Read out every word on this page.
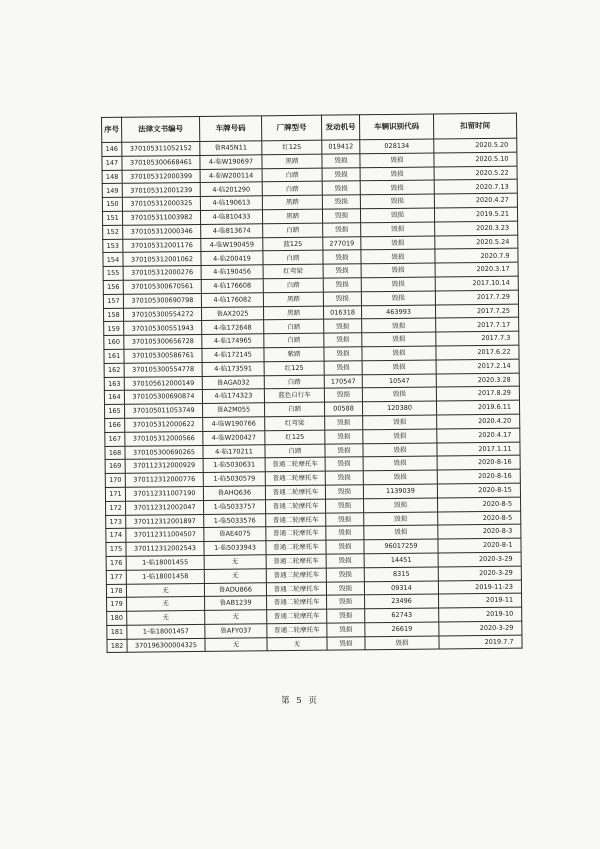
序号	法律文书编号	车牌号码	厂牌型号	发动机号	车辆识别代码	扣留时间
146	370105311052152	鲁R45N11	红125	019412	028134	2020.5.20
147	370105300668461	4-临W190697	黑踏	毁损	毁损	2020.5.10
148	370105312000399	4-临W200114	白踏	毁损	毁损	2020.5.22
149	370105312001239	4-临201290	白踏	毁损	毁损	2020.7.13
150	370105312000325	4-临190613	黑踏	毁损	毁损	2020.4.27
151	370105311003982	4-临810433	黑踏	毁损	毁损	2019.5.21
152	370105312000346	4-临813674	白踏	毁损	毁损	2020.3.23
153	370105312001176	4-临W190459	蓝125	277019	毁损	2020.5.24
154	370105312001062	4-临200419	白踏	毁损	毁损	2020.7.9
155	370105312000276	4-临190456	红弯梁	毁损	毁损	2020.3.17
156	370105300670561	4-临176608	白踏	毁损	毁损	2017.10.14
157	370105300690798	4-临176082	黑踏	毁损	毁损	2017.7.29
158	370105300554272	鲁AX2025	黑踏	016318	463993	2017.7.25
159	370105300551943	4-临172648	白踏	毁损	毁损	2017.7.17
160	370105300656728	4-临174965	白踏	毁损	毁损	2017.7.3
161	370105300586761	4-临172145	紫踏	毁损	毁损	2017.6.22
162	370105300554778	4-临173591	红125	毁损	毁损	2017.2.14
163	370105612000149	鲁AGA032	白踏	170547	10547	2020.3.28
164	370105300690874	4-临174323	蓝色自行车	毁损	毁损	2017.8.29
165	370105011053749	鲁A2M055	白踏	00588	120380	2019.6.11
166	370105312000622	4-临W190766	红弯梁	毁损	毁损	2020.4.20
167	370105312000566	4-临W200427	红125	毁损	毁损	2020.4.17
168	370105300690265	4-临170211	白踏	毁损	毁损	2017.1.11
169	370112312000929	1-临5030631	普通二轮摩托车	毁损	毁损	2020-8-16
170	370112312000776	1-临5030579	普通二轮摩托车	毁损	毁损	2020-8-16
171	370112311007190	鲁AHQ636	普通二轮摩托车	毁损	1139039	2020-8-15
172	370112312002047	1-临5033757	普通二轮摩托车	毁损	毁损	2020-8-5
173	370112312001897	1-临5033576	普通二轮摩托车	毁损	毁损	2020-8-5
174	370112311004507	鲁AE4075	普通二轮摩托车	毁损	毁损	2020-8-3
175	370112312002543	1-临5033943	普通二轮摩托车	毁损	96017259	2020-8-1
176	1-临18001455	无	普通二轮摩托车	毁损	14451	2020-3-29
177	1-临18001458	无	普通二轮摩托车	毁损	8315	2020-3-29
178	无	鲁ADU866	普通二轮摩托车	毁损	09314	2019-11-23
179	无	鲁AB1239	普通二轮摩托车	毁损	23496	2019-11
180	无	无	普通二轮摩托车	毁损	62743	2019-10
181	1-临18001457	鲁AFY037	普通二轮摩托车	毁损	26619	2020-3-29
182	370196300004325	无	无	毁损	毁损	2019.7.7
第 5 页
